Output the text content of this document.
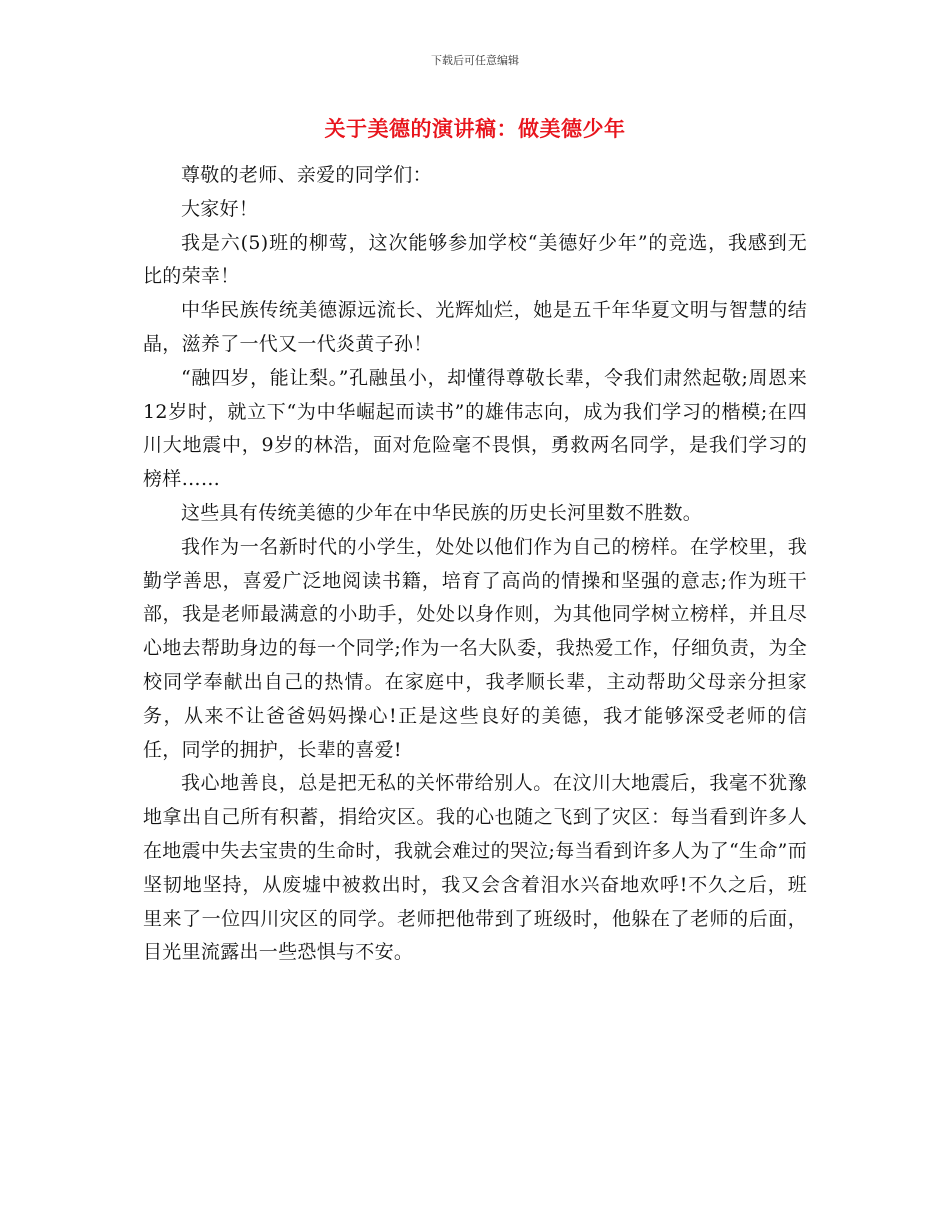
下载后可任意编辑
关于美德的演讲稿：做美德少年

尊敬的老师、亲爱的同学们：

大家好！

我是六(5)班的柳莺，这次能够参加学校“美德好少年”的竞选，我感到无比的荣幸！

中华民族传统美德源远流长、光辉灿烂，她是五千年华夏文明与智慧的结晶，滋养了一代又一代炎黄子孙！

“融四岁，能让梨。”孔融虽小，却懂得尊敬长辈，令我们肃然起敬;周恩来12岁时，就立下“为中华崛起而读书”的雄伟志向，成为我们学习的楷模;在四川大地震中，9岁的林浩，面对危险毫不畏惧，勇救两名同学，是我们学习的榜样……

这些具有传统美德的少年在中华民族的历史长河里数不胜数。

我作为一名新时代的小学生，处处以他们作为自己的榜样。在学校里，我勤学善思，喜爱广泛地阅读书籍，培育了高尚的情操和坚强的意志;作为班干部，我是老师最满意的小助手，处处以身作则，为其他同学树立榜样，并且尽心地去帮助身边的每一个同学;作为一名大队委，我热爱工作，仔细负责，为全校同学奉献出自己的热情。在家庭中，我孝顺长辈，主动帮助父母亲分担家务，从来不让爸爸妈妈操心!正是这些良好的美德，我才能够深受老师的信任，同学的拥护，长辈的喜爱!

我心地善良，总是把无私的关怀带给别人。在汶川大地震后，我毫不犹豫地拿出自己所有积蓄，捐给灾区。我的心也随之飞到了灾区：每当看到许多人在地震中失去宝贵的生命时，我就会难过的哭泣;每当看到许多人为了“生命”而坚韧地坚持，从废墟中被救出时，我又会含着泪水兴奋地欢呼!不久之后，班里来了一位四川灾区的同学。老师把他带到了班级时，他躲在了老师的后面，目光里流露出一些恐惧与不安。
